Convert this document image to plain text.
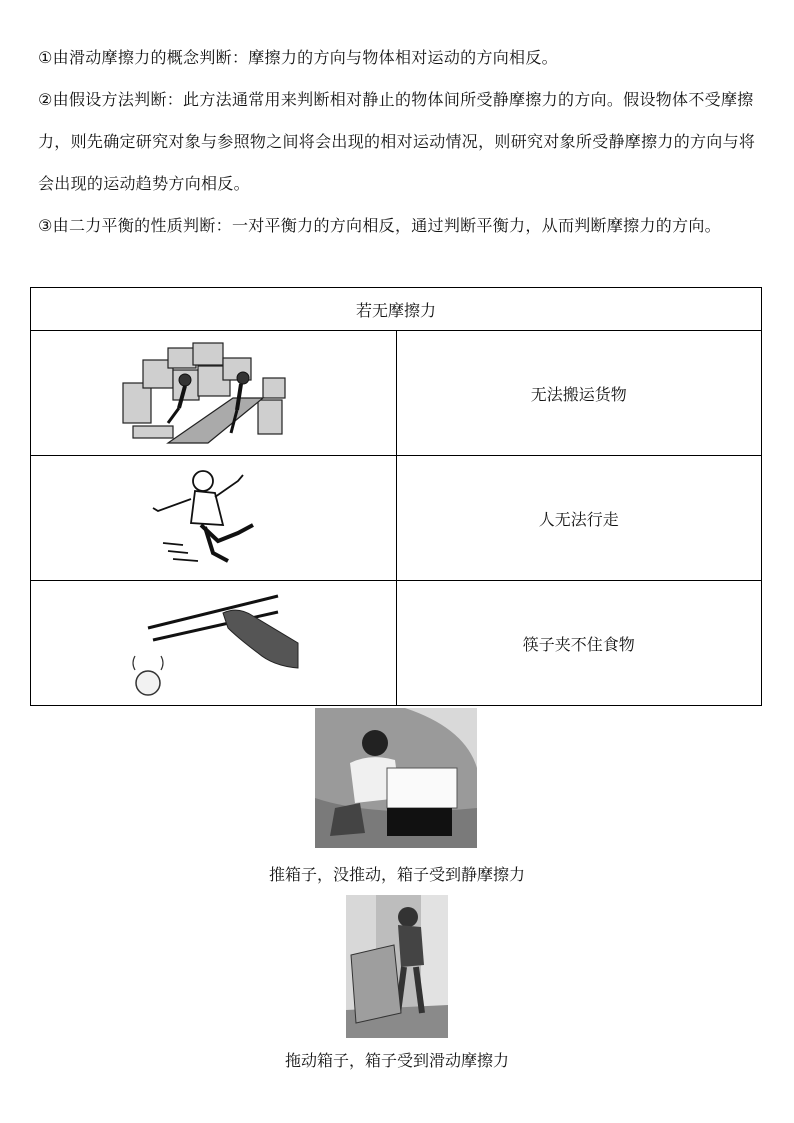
①由滑动摩擦力的概念判断：摩擦力的方向与物体相对运动的方向相反。
②由假设方法判断：此方法通常用来判断相对静止的物体间所受静摩擦力的方向。假设物体不受摩擦力，则先确定研究对象与参照物之间将会出现的相对运动情况，则研究对象所受静摩擦力的方向与将会出现的运动趋势方向相反。
③由二力平衡的性质判断：一对平衡力的方向相反，通过判断平衡力，从而判断摩擦力的方向。
若无摩擦力	

	无法搬运货物

	人无法行走

	筷子夹不住食物
推箱子，没推动，箱子受到静摩擦力
拖动箱子，箱子受到滑动摩擦力
